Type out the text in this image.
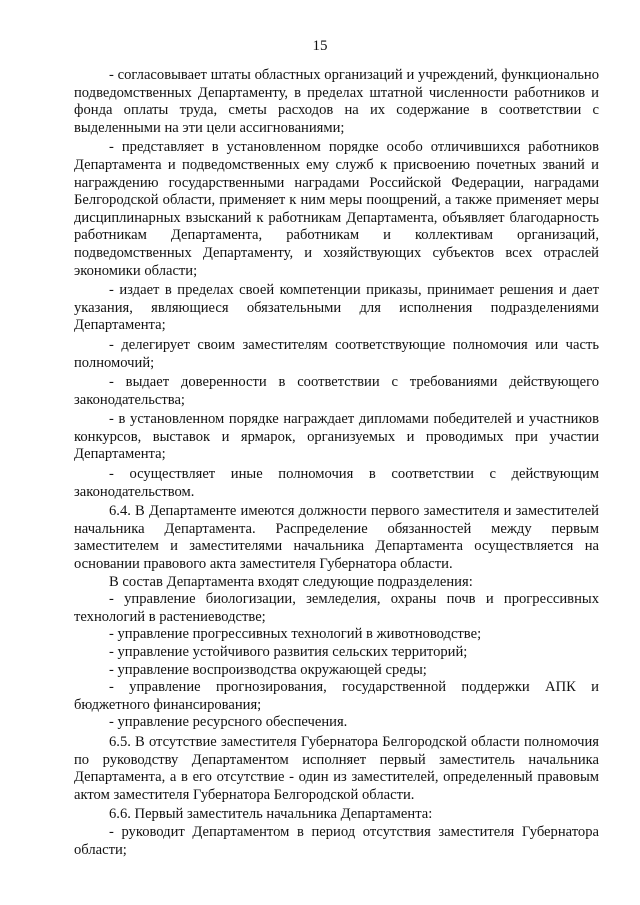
15

- согласовывает штаты областных организаций и учреждений, функционально подведомственных Департаменту, в пределах штатной численности работников и фонда оплаты труда, сметы расходов на их содержание в соответствии с выделенными на эти цели ассигнованиями;

- представляет в установленном порядке особо отличившихся работников Департамента и подведомственных ему служб к присвоению почетных званий и награждению государственными наградами Российской Федерации, наградами Белгородской области, применяет к ним меры поощрений, а также применяет меры дисциплинарных взысканий к работникам Департамента, объявляет благодарность работникам Департамента, работникам и коллективам организаций, подведомственных Департаменту, и хозяйствующих субъектов всех отраслей экономики области;

- издает в пределах своей компетенции приказы, принимает решения и дает указания, являющиеся обязательными для исполнения подразделениями Департамента;

- делегирует своим заместителям соответствующие полномочия или часть полномочий;

- выдает доверенности в соответствии с требованиями действующего законодательства;

- в установленном порядке награждает дипломами победителей и участников конкурсов, выставок и ярмарок, организуемых и проводимых при участии Департамента;

- осуществляет иные полномочия в соответствии с действующим законодательством.

6.4. В Департаменте имеются должности первого заместителя и заместителей начальника Департамента. Распределение обязанностей между первым заместителем и заместителями начальника Департамента осуществляется на основании правового акта заместителя Губернатора области.

В состав Департамента входят следующие подразделения:

- управление биологизации, земледелия, охраны почв и прогрессивных технологий в растениеводстве;

- управление прогрессивных технологий в животноводстве;

- управление устойчивого развития сельских территорий;

- управление воспроизводства окружающей среды;

- управление прогнозирования, государственной поддержки АПК и бюджетного финансирования;

- управление ресурсного обеспечения.

6.5. В отсутствие заместителя Губернатора Белгородской области полномочия по руководству Департаментом исполняет первый заместитель начальника Департамента, а в его отсутствие - один из заместителей, определенный правовым актом заместителя Губернатора Белгородской области.

6.6. Первый заместитель начальника Департамента:

- руководит Департаментом в период отсутствия заместителя Губернатора области;
